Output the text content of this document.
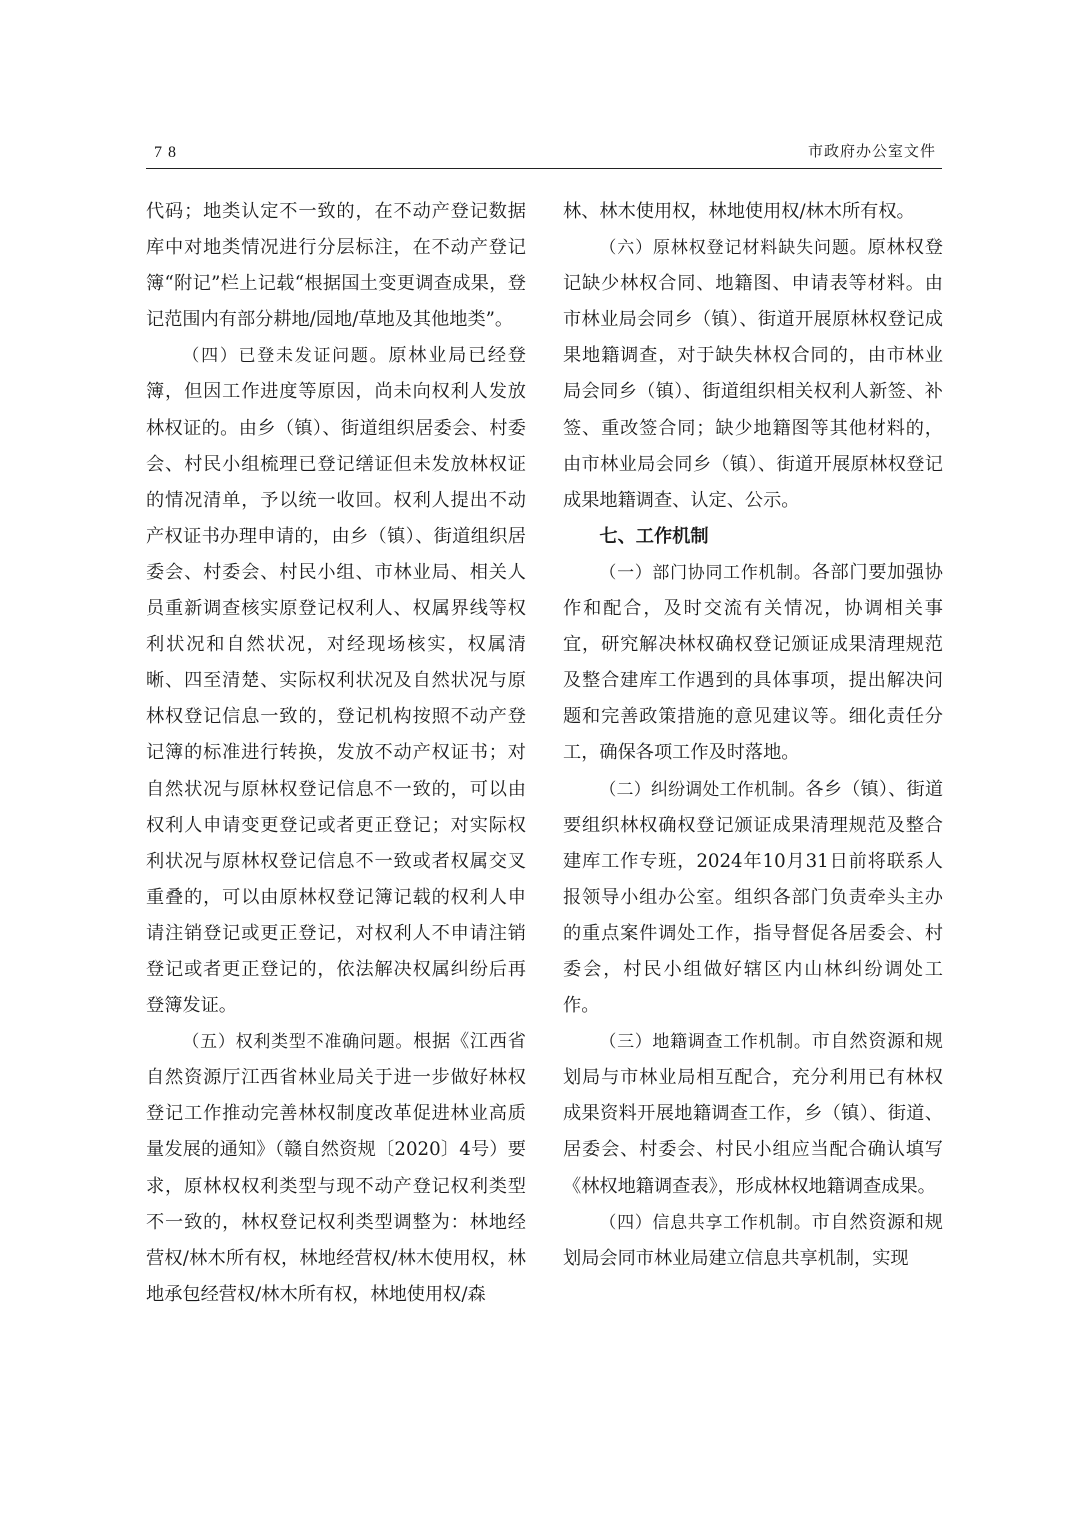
78	市政府办公室文件

代码；地类认定不一致的，在不动产登记数据库中对地类情况进行分层标注，在不动产登记簿“附记”栏上记载“根据国土变更调查成果，登记范围内有部分耕地/园地/草地及其他地类”。

（四）已登未发证问题。原林业局已经登簿，但因工作进度等原因，尚未向权利人发放林权证的。由乡（镇）、街道组织居委会、村委会、村民小组梳理已登记缮证但未发放林权证的情况清单，予以统一收回。权利人提出不动产权证书办理申请的，由乡（镇）、街道组织居委会、村委会、村民小组、市林业局、相关人员重新调查核实原登记权利人、权属界线等权利状况和自然状况，对经现场核实，权属清晰、四至清楚、实际权利状况及自然状况与原林权登记信息一致的，登记机构按照不动产登记簿的标准进行转换，发放不动产权证书；对自然状况与原林权登记信息不一致的，可以由权利人申请变更登记或者更正登记；对实际权利状况与原林权登记信息不一致或者权属交叉重叠的，可以由原林权登记簿记载的权利人申请注销登记或更正登记，对权利人不申请注销登记或者更正登记的，依法解决权属纠纷后再登簿发证。

（五）权利类型不准确问题。根据《江西省自然资源厅江西省林业局关于进一步做好林权登记工作推动完善林权制度改革促进林业高质量发展的通知》（赣自然资规〔2020〕4号）要求，原林权权利类型与现不动产登记权利类型不一致的，林权登记权利类型调整为：林地经营权/林木所有权，林地经营权/林木使用权，林地承包经营权/林木所有权，林地使用权/森

林、林木使用权，林地使用权/林木所有权。

（六）原林权登记材料缺失问题。原林权登记缺少林权合同、地籍图、申请表等材料。由市林业局会同乡（镇）、街道开展原林权登记成果地籍调查，对于缺失林权合同的，由市林业局会同乡（镇）、街道组织相关权利人新签、补签、重改签合同；缺少地籍图等其他材料的，由市林业局会同乡（镇）、街道开展原林权登记成果地籍调查、认定、公示。

七、工作机制

（一）部门协同工作机制。各部门要加强协作和配合，及时交流有关情况，协调相关事宜，研究解决林权确权登记颁证成果清理规范及整合建库工作遇到的具体事项，提出解决问题和完善政策措施的意见建议等。细化责任分工，确保各项工作及时落地。

（二）纠纷调处工作机制。各乡（镇）、街道要组织林权确权登记颁证成果清理规范及整合建库工作专班，2024年10月31日前将联系人报领导小组办公室。组织各部门负责牵头主办的重点案件调处工作，指导督促各居委会、村委会，村民小组做好辖区内山林纠纷调处工作。

（三）地籍调查工作机制。市自然资源和规划局与市林业局相互配合，充分利用已有林权成果资料开展地籍调查工作，乡（镇）、街道、居委会、村委会、村民小组应当配合确认填写《林权地籍调查表》，形成林权地籍调查成果。

（四）信息共享工作机制。市自然资源和规划局会同市林业局建立信息共享机制，实现
